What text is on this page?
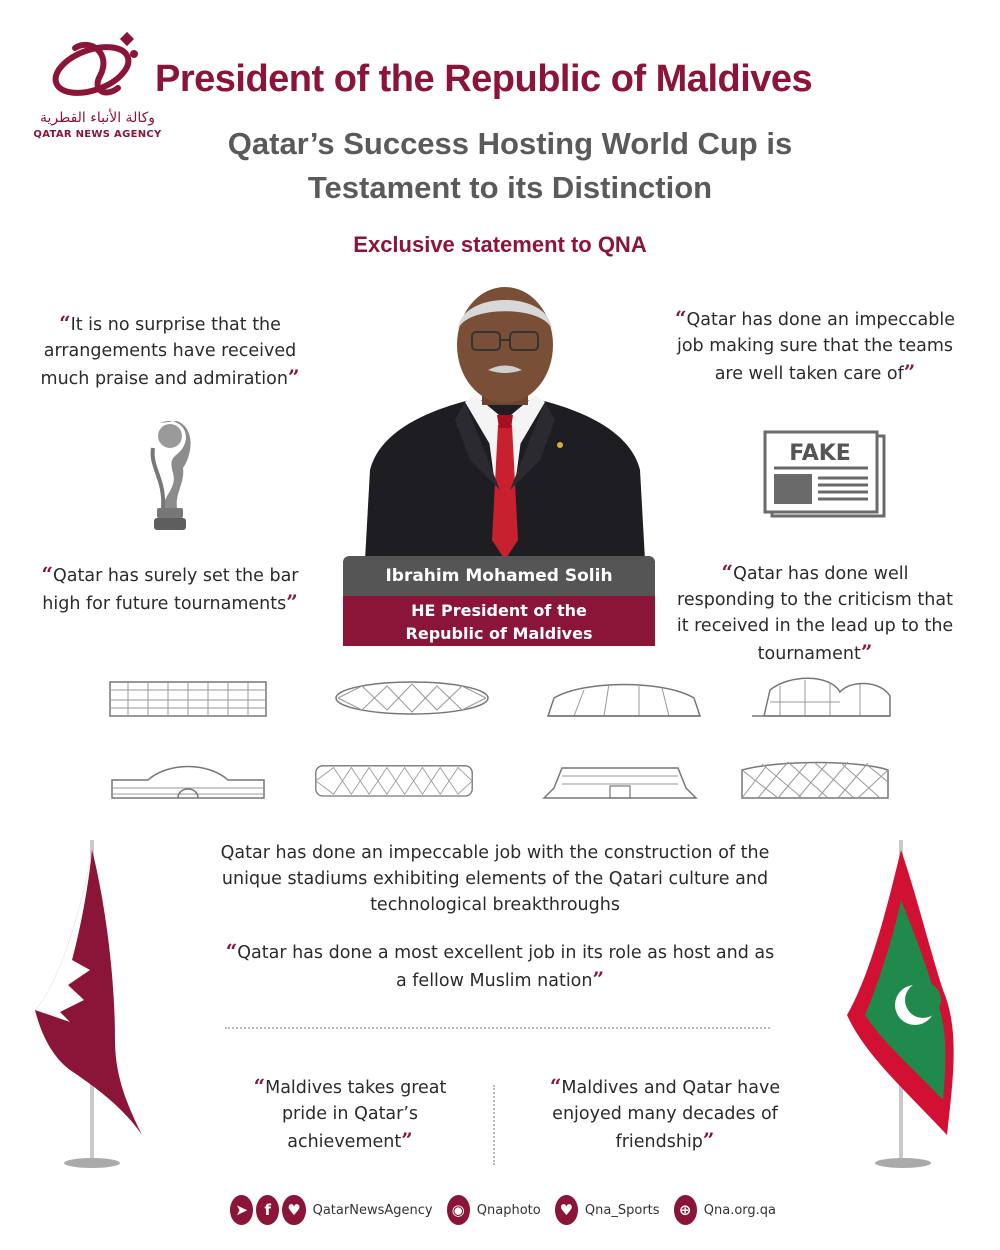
وكالة الأنباء القطرية
QATAR NEWS AGENCY
President of the Republic of Maldives
Qatar’s Success Hosting World Cup is
Testament to its Distinction
Exclusive statement to QNA
“It is no surprise that the arrangements have received much praise and admiration”
“Qatar has done an impeccable job making sure that the teams are well taken care of”
Ibrahim Mohamed Solih
HE President of the
Republic of Maldives
FAKE
“Qatar has surely set the bar high for future tournaments”
“Qatar has done well responding to the criticism that it received in the lead up to the tournament”
Qatar has done an impeccable job with the construction of the unique stadiums exhibiting elements of the Qatari culture and technological breakthroughs
“Qatar has done a most excellent job in its role as host and as a fellow Muslim nation”
“Maldives takes great pride in Qatar’s achievement”
“Maldives and Qatar have enjoyed many decades of friendship”
➤	f	♥ QatarNewsAgency	◉ Qnaphoto	♥ Qna_Sports	⊕ Qna.org.qa
